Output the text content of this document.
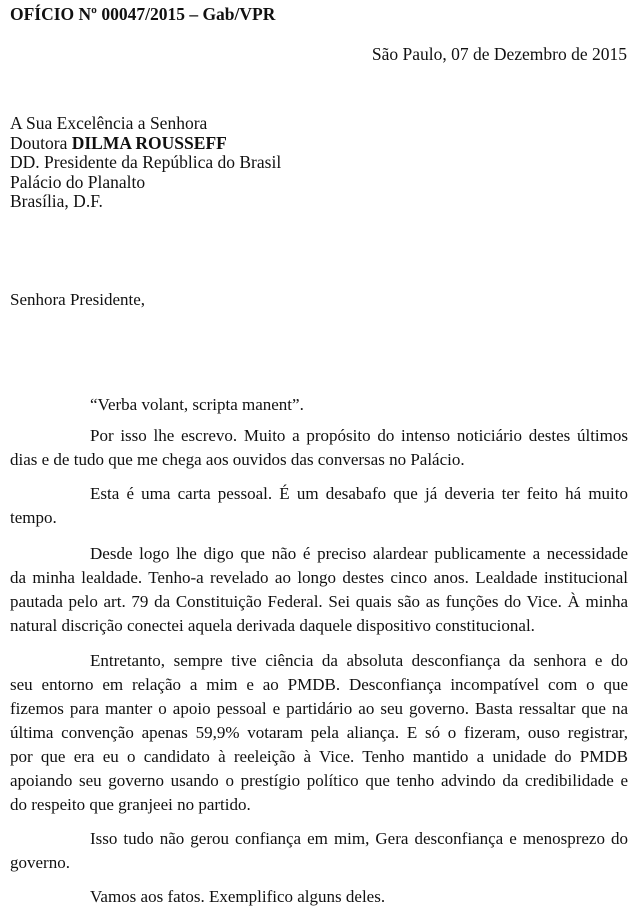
OFÍCIO Nº 00047/2015 – Gab/VPR
São Paulo, 07 de Dezembro de 2015
A Sua Excelência a Senhora
Doutora DILMA ROUSSEFF
DD. Presidente da República do Brasil
Palácio do Planalto
Brasília, D.F.
Senhora Presidente,
“Verba volant, scripta manent”.
Por isso lhe escrevo. Muito a propósito do intenso noticiário destes últimos
dias e de tudo que me chega aos ouvidos das conversas no Palácio.
Esta é uma carta pessoal. É um desabafo que já deveria ter feito há muito
tempo.
Desde logo lhe digo que não é preciso alardear publicamente a necessidade
da minha lealdade. Tenho-a revelado ao longo destes cinco anos. Lealdade institucional
pautada pelo art. 79 da Constituição Federal. Sei quais são as funções do Vice. À minha
natural discrição conectei aquela derivada daquele dispositivo constitucional.
Entretanto, sempre tive ciência da absoluta desconfiança da senhora e do
seu entorno em relação a mim e ao PMDB. Desconfiança incompatível com o que
fizemos para manter o apoio pessoal e partidário ao seu governo. Basta ressaltar que na
última convenção apenas 59,9% votaram pela aliança. E só o fizeram, ouso registrar,
por que era eu o candidato à reeleição à Vice. Tenho mantido a unidade do PMDB
apoiando seu governo usando o prestígio político que tenho advindo da credibilidade e
do respeito que granjeei no partido.
Isso tudo não gerou confiança em mim, Gera desconfiança e menosprezo do
governo.
Vamos aos fatos. Exemplifico alguns deles.
